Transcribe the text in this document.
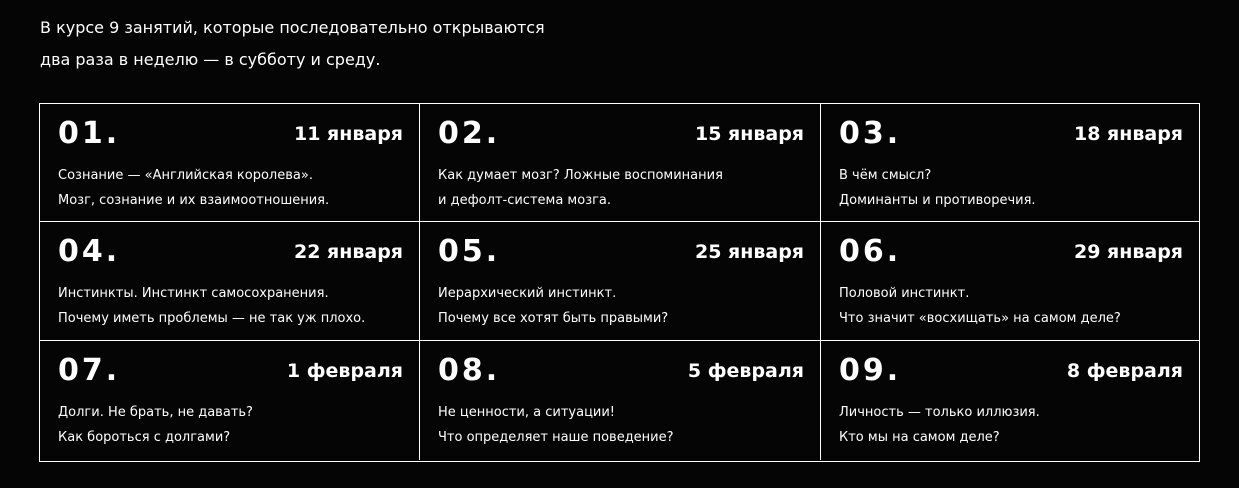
В курсе 9 занятий, которые последовательно открываются
два раза в неделю — в субботу и среду.
01.	11 января
Сознание — «Английская королева».
Мозг, сознание и их взаимоотношения.
02.	15 января
Как думает мозг? Ложные воспоминания
и дефолт-система мозга.
03.	18 января
В чём смысл?
Доминанты и противоречия.
04.	22 января
Инстинкты. Инстинкт самосохранения.
Почему иметь проблемы — не так уж плохо.
05.	25 января
Иерархический инстинкт.
Почему все хотят быть правыми?
06.	29 января
Половой инстинкт.
Что значит «восхищать» на самом деле?
07.	1 февраля
Долги. Не брать, не давать?
Как бороться с долгами?
08.	5 февраля
Не ценности, а ситуации!
Что определяет наше поведение?
09.	8 февраля
Личность — только иллюзия.
Кто мы на самом деле?
